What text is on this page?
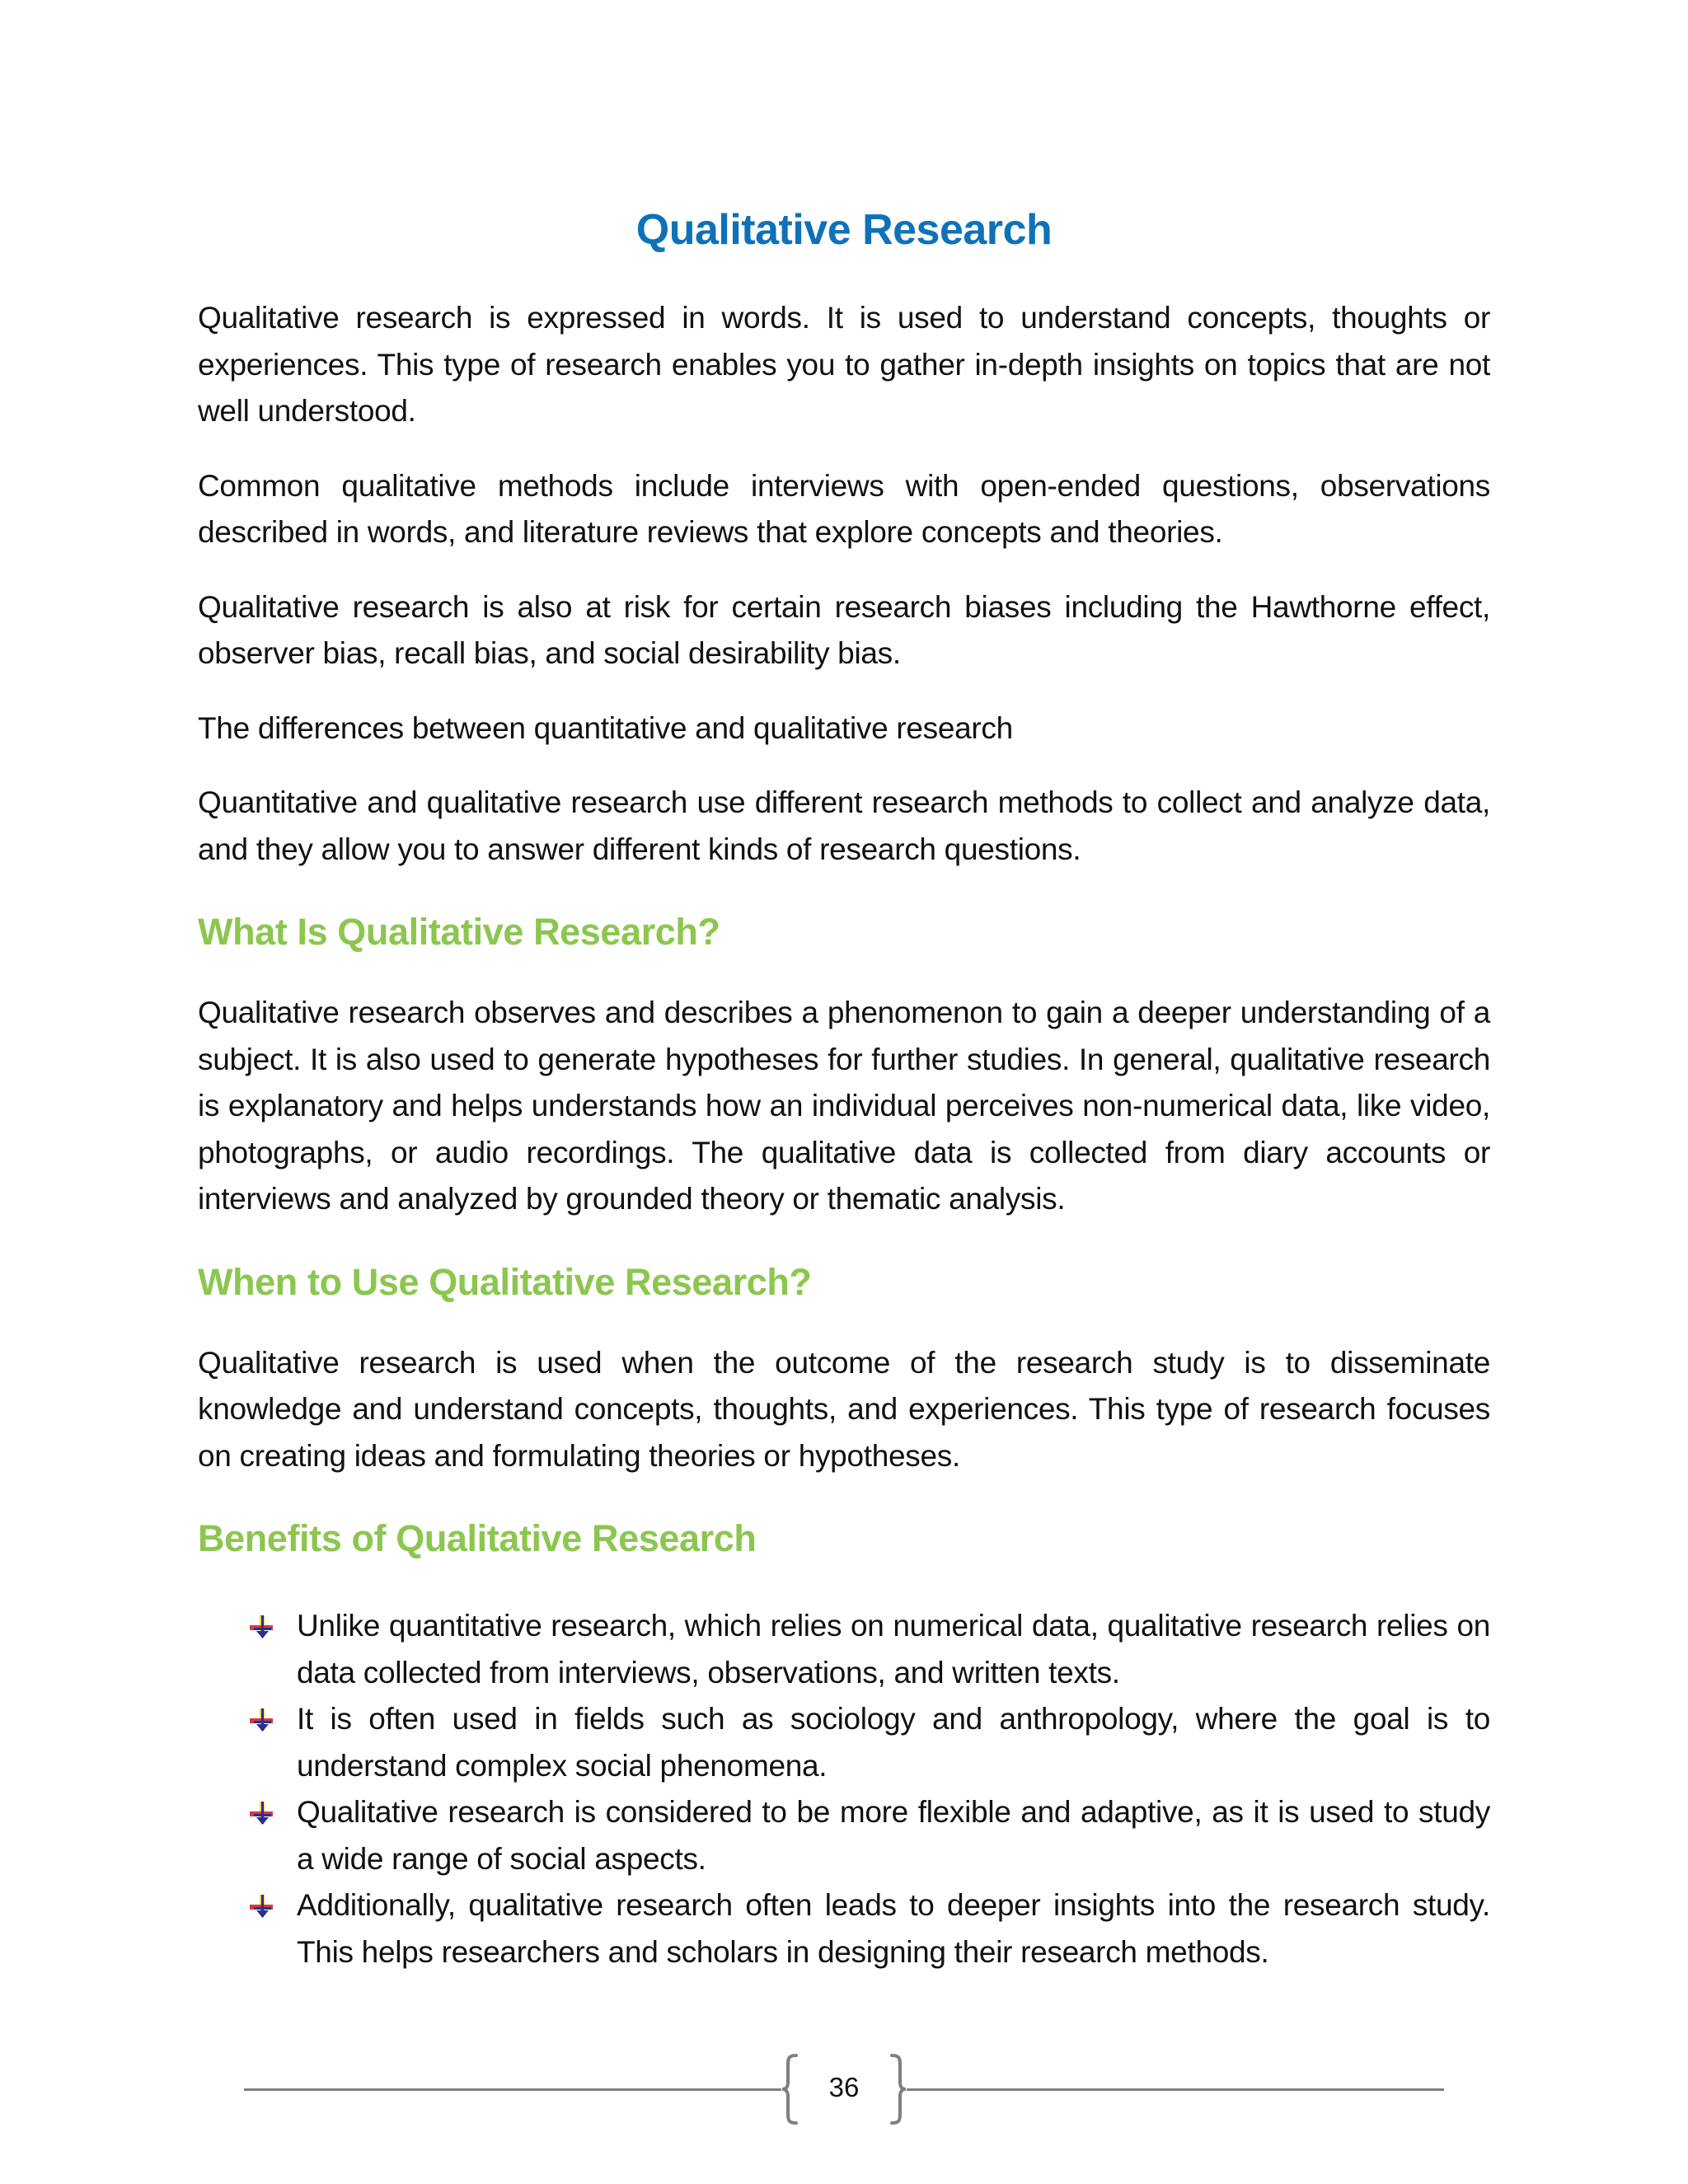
Qualitative Research

Qualitative research is expressed in words. It is used to understand concepts, thoughts or experiences. This type of research enables you to gather in-depth insights on topics that are not well understood.

Common qualitative methods include interviews with open-ended questions, observations described in words, and literature reviews that explore concepts and theories.

Qualitative research is also at risk for certain research biases including the Hawthorne effect, observer bias, recall bias, and social desirability bias.

The differences between quantitative and qualitative research

Quantitative and qualitative research use different research methods to collect and analyze data, and they allow you to answer different kinds of research questions.

What Is Qualitative Research?

Qualitative research observes and describes a phenomenon to gain a deeper understanding of a subject. It is also used to generate hypotheses for further studies. In general, qualitative research is explanatory and helps understands how an individual perceives non-numerical data, like video, photographs, or audio recordings. The qualitative data is collected from diary accounts or interviews and analyzed by grounded theory or thematic analysis.

When to Use Qualitative Research?

Qualitative research is used when the outcome of the research study is to disseminate knowledge and understand concepts, thoughts, and experiences. This type of research focuses on creating ideas and formulating theories or hypotheses.

Benefits of Qualitative Research
Unlike quantitative research, which relies on numerical data, qualitative research relies on data collected from interviews, observations, and written texts.
It is often used in fields such as sociology and anthropology, where the goal is to understand complex social phenomena.
Qualitative research is considered to be more flexible and adaptive, as it is used to study a wide range of social aspects.
Additionally, qualitative research often leads to deeper insights into the research study. This helps researchers and scholars in designing their research methods.
36
